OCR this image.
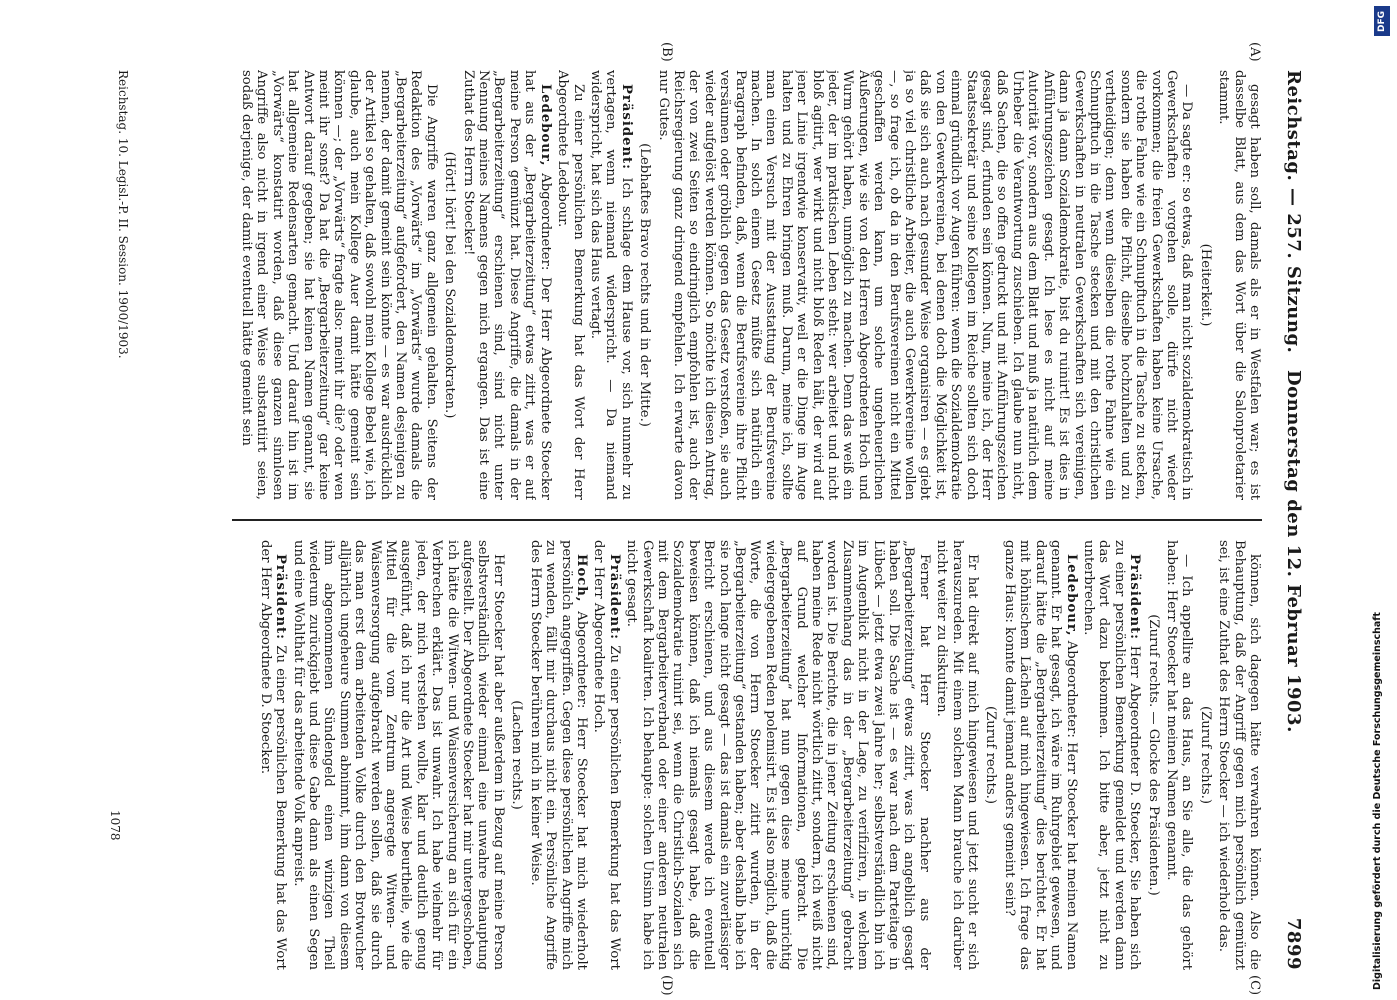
Reichstag. — 257. Sitzung.
Donnerstag den 12. Februar 1903.
7899
(A)
(B)
(C)
(D)

gesagt haben soll, damals als er in Westfalen war; es ist dasselbe Blatt, aus dem das Wort über die Salonproletarier stammt.

(Heiterkeit.)

— Da sagte er: so etwas, daß man nicht sozialdemokratisch in Gewerkschaften vorgehen solle, dürfe nicht wieder vorkommen; die freien Gewerkschaften haben keine Ursache, die rothe Fahne wie ein Schnupftuch in die Tasche zu stecken, sondern sie haben die Pflicht, dieselbe hochzuhalten und zu vertheidigen; denn wenn dieselben die rothe Fahne wie ein Schnupftuch in die Tasche stecken und mit den christlichen Gewerkschaften in neutralen Gewerkschaften sich vereinigen, dann ja dann Sozialdemokratie, bist du ruinirt! Es ist dies in Anführungszeichen gesagt. Ich lese es nicht auf meine Autorität vor, sondern aus dem Blatt und muß ja natürlich dem Urheber die Verantwortung zuschieben. Ich glaube nun nicht, daß Sachen, die so offen gedruckt und mit Anführungszeichen gesagt sind, erfunden sein können. Nun, meine ich, der Herr Staatssekretär und seine Kollegen im Reiche sollten sich doch einmal gründlich vor Augen führen: wenn die Sozialdemokratie von den Gewerkvereinen, bei denen doch die Möglichkeit ist, daß sie sich auch nach gesunder Weise organisiren — es giebt ja so viel christliche Arbeiter, die auch Gewerkvereine wollen —, so frage ich, ob da in den Berufsvereinen nicht ein Mittel geschaffen werden kann, um solche ungeheuerlichen Äußerungen, wie sie von den Herren Abgeordneten Hoch und Wurm gehört haben, unmöglich zu machen. Denn das weiß ein jeder, der im praktischen Leben steht: wer arbeitet und nicht bloß agitirt, wer wirkt und nicht bloß Reden hält, der wird auf jener Linie irgendwie konservativ, weil er die Dinge im Auge halten und zu Ehren bringen muß. Darum, meine ich, sollte man einen Versuch mit der Ausstattung der Berufsvereine machen. In solch einem Gesetz müßte sich natürlich ein Paragraph befinden, daß, wenn die Berufsvereine ihre Pflicht versäumen oder gröblich gegen das Gesetz verstoßen, sie auch wieder aufgelöst werden können. So möchte ich diesen Antrag, der von zwei Seiten so eindringlich empfohlen ist, auch der Reichsregierung ganz dringend empfehlen. Ich erwarte davon nur Gutes.

(Lebhaftes Bravo rechts und in der Mitte.)

Präsident: Ich schlage dem Hause vor, sich nunmehr zu vertagen, wenn niemand widerspricht. — Da niemand widerspricht, hat sich das Haus vertagt.

Zu einer persönlichen Bemerkung hat das Wort der Herr Abgeordnete Ledebour.

Ledebour, Abgeordneter: Der Herr Abgeordnete Stoecker hat aus der „Bergarbeiterzeitung“ etwas zitirt, was er auf meine Person gemünzt hat. Diese Angriffe, die damals in der „Bergarbeiterzeitung“ erschienen sind, sind nicht unter Nennung meines Namens gegen mich ergangen. Das ist eine Zuthat des Herrn Stoecker!

(Hört! hört! bei den Sozialdemokraten.)

Die Angriffe waren ganz allgemein gehalten. Seitens der Redaktion des „Vorwärts“ im „Vorwärts“ wurde damals die „Bergarbeiterzeitung“ aufgefordert, den Namen desjenigen zu nennen, der damit gemeint sein könnte — es war ausdrücklich der Artikel so gehalten, daß sowohl mein Kollege Bebel wie, ich glaube, auch mein Kollege Auer damit hätte gemeint sein können —; der „Vorwärts“ fragte also: meint ihr die? oder wen meint ihr sonst? Da hat die „Bergarbeiterzeitung“ gar keine Antwort darauf gegeben; sie hat keinen Namen genannt, sie hat allgemeine Redensarten gemacht. Und darauf hin ist im „Vorwärts“ konstatirt worden, daß diese ganzen sinnlosen Angriffe also nicht in irgend einer Weise substantiirt seien, sodaß derjenige, der damit eventuell hätte gemeint sein

können, sich dagegen hätte verwahren können. Also die Behauptung, daß der Angriff gegen mich persönlich gemünzt sei, ist eine Zuthat des Herrn Stoecker — ich wiederhole das.

(Zuruf rechts.)

— Ich appellire an das Haus, an Sie alle, die das gehört haben: Herr Stoecker hat meinen Namen genannt.

(Zuruf rechts. — Glocke des Präsidenten.)

Präsident: Herr Abgeordneter D. Stoecker, Sie haben sich zu einer persönlichen Bemerkung gemeldet und werden dann das Wort dazu bekommen. Ich bitte aber, jetzt nicht zu unterbrechen.

Ledebour, Abgeordneter: Herr Stoecker hat meinen Namen genannt. Er hat gesagt, ich wäre im Ruhrgebiet gewesen, und darauf hätte die „Bergarbeiterzeitung“ dies berichtet. Er hat mit höhnischem Lächeln auf mich hingewiesen. Ich frage das ganze Haus: konnte damit jemand anders gemeint sein?

(Zuruf rechts.)

Er hat direkt auf mich hingewiesen und jetzt sucht er sich herauszureden. Mit einem solchen Mann brauche ich darüber nicht weiter zu diskutiren.

Ferner hat Herr Stoecker nachher aus der „Bergarbeiterzeitung“ etwas zitirt, was ich angeblich gesagt haben soll. Die Sache ist — es war nach dem Parteitage in Lübeck — jetzt etwa zwei Jahre her; selbstverständlich bin ich im Augenblick nicht in der Lage, zu verifiziren, in welchem Zusammenhang das in der „Bergarbeiterzeitung“ gebracht worden ist. Die Berichte, die in jener Zeitung erschienen sind, haben meine Rede nicht wörtlich zitirt, sondern, ich weiß nicht auf Grund welcher Informationen, gebracht. Die „Bergarbeiterzeitung“ hat nun gegen diese meine unrichtig wiedergegebenen Reden polemisirt. Es ist also möglich, daß die Worte, die von Herrn Stoecker zitirt wurden, in der „Bergarbeiterzeitung“ gestanden haben; aber deshalb habe ich sie noch lange nicht gesagt — das ist damals ein zuverlässiger Bericht erschienen, und aus diesem werde ich eventuell beweisen können, daß ich niemals gesagt habe, daß die Sozialdemokratie ruinirt sei, wenn die Christlich-Sozialen sich mit dem Bergarbeiterverband oder einer anderen neutralen Gewerkschaft koalirten. Ich behaupte: solchen Unsinn habe ich nicht gesagt.

Präsident: Zu einer persönlichen Bemerkung hat das Wort der Herr Abgeordnete Hoch.

Hoch, Abgeordneter: Herr Stoecker hat mich wiederholt persönlich angegriffen. Gegen diese persönlichen Angriffe mich zu wenden, fällt mir durchaus nicht ein. Persönliche Angriffe des Herrn Stoecker berühren mich in keiner Weise.

(Lachen rechts.)

Herr Stoecker hat aber außerdem in Bezug auf meine Person selbstverständlich wieder einmal eine unwahre Behauptung aufgestellt. Der Abgeordnete Stoecker hat mir untergeschoben, ich hätte die Witwen- und Waisenversicherung an sich für ein Verbrechen erklärt. Das ist unwahr. Ich habe vielmehr für jeden, der mich verstehen wollte, klar und deutlich genug ausgeführt, daß ich nur die Art und Weise beurtheile, wie die Mittel für die vom Zentrum angeregte Witwen- und Waisenversorgung aufgebracht werden sollen, daß sie durch das man erst dem arbeitenden Volke durch den Brotwucher alljährlich ungeheure Summen abnimmt, ihm dann von diesem ihm abgenommenen Sündengeld einen winzigen Theil wiederum zurückgiebt und diese Gabe dann als einen Segen und eine Wohlthat für das arbeitende Volk anpreist.

Präsident: Zu einer persönlichen Bemerkung hat das Wort der Herr Abgeordnete D. Stoecker.

Reichstag. 10. Legisl.-P. II. Session. 1900/1903.
1078
DFG
Digitalisierung gefördert durch die Deutsche Forschungsgemeinschaft
